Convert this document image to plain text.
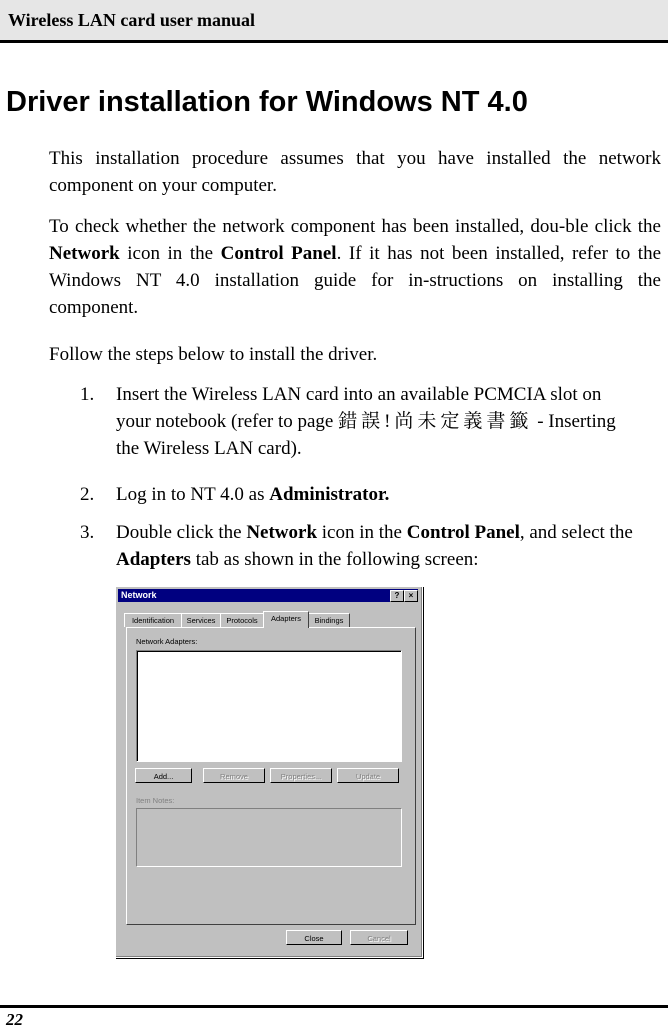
Wireless LAN card user manual
Driver installation for Windows NT 4.0
This installation procedure assumes that you have installed the network component on your computer.
To check whether the network component has been installed, dou-ble click the Network icon in the Control Panel. If it has not been installed, refer to the Windows NT 4.0 installation guide for in-structions on installing the component.
Follow the steps below to install the driver.
1. Insert the Wireless LAN card into an available PCMCIA slot on your notebook (refer to page 錯誤!尚未定義書籤 - Inserting the Wireless LAN card).
2. Log in to NT 4.0 as Administrator.
3. Double click the Network icon in the Control Panel, and select the Adapters tab as shown in the following screen:
Network	?	×
Identification	Services	Protocols	Adapters	Bindings
Network Adapters:
Add...	Remove	Properties...	Update
Item Notes:
Close	Cancel
22
